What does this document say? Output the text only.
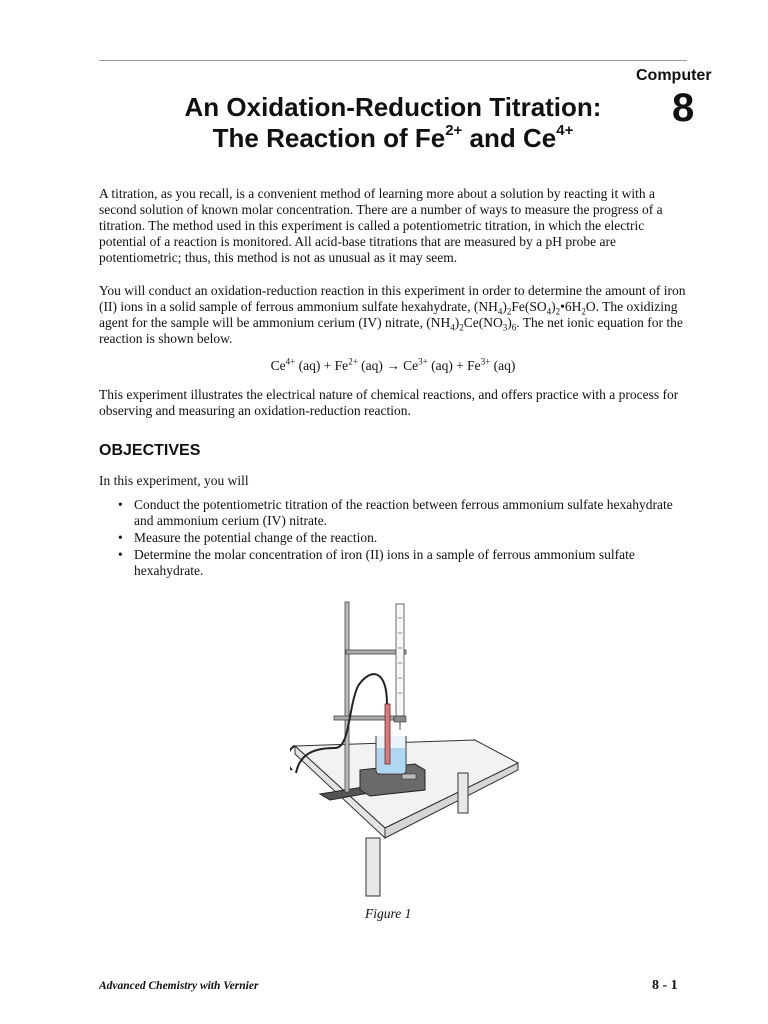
Computer
8
An Oxidation-Reduction Titration:
The Reaction of $Fe^{2+}$ and $Ce^{4+}$

A titration, as you recall, is a convenient method of learning more about a solution by reacting it with a second solution of known molar concentration. There are a number of ways to measure the progress of a titration. The method used in this experiment is called a potentiometric titration, in which the electric potential of a reaction is monitored. All acid-base titrations that are measured by a pH probe are potentiometric; thus, this method is not as unusual as it may seem.

You will conduct an oxidation-reduction reaction in this experiment in order to determine the amount of iron (II) ions in a solid sample of ferrous ammonium sulfate hexahydrate, $(NH_4)_2Fe(SO_4)_2•6H_2O$. The oxidizing agent for the sample will be ammonium cerium (IV) nitrate, $(NH_4)_2Ce(NO_3)_6$. The net ionic equation for the reaction is shown below.

$Ce^{4+}$ $(aq) + Fe^{2+}$ $(aq) \to Ce^{3+}$ $(aq) + Fe^{3+}$ (aq)

This experiment illustrates the electrical nature of chemical reactions, and offers practice with a process for observing and measuring an oxidation-reduction reaction.

OBJECTIVES

In this experiment, you will

• Conduct the potentiometric titration of the reaction between ferrous ammonium sulfate hexahydrate and ammonium cerium (IV) nitrate.
• Measure the potential change of the reaction.
• Determine the molar concentration of iron (II) ions in a sample of ferrous ammonium sulfate hexahydrate.
Figure 1
Advanced Chemistry with Vernier	8 - 1
